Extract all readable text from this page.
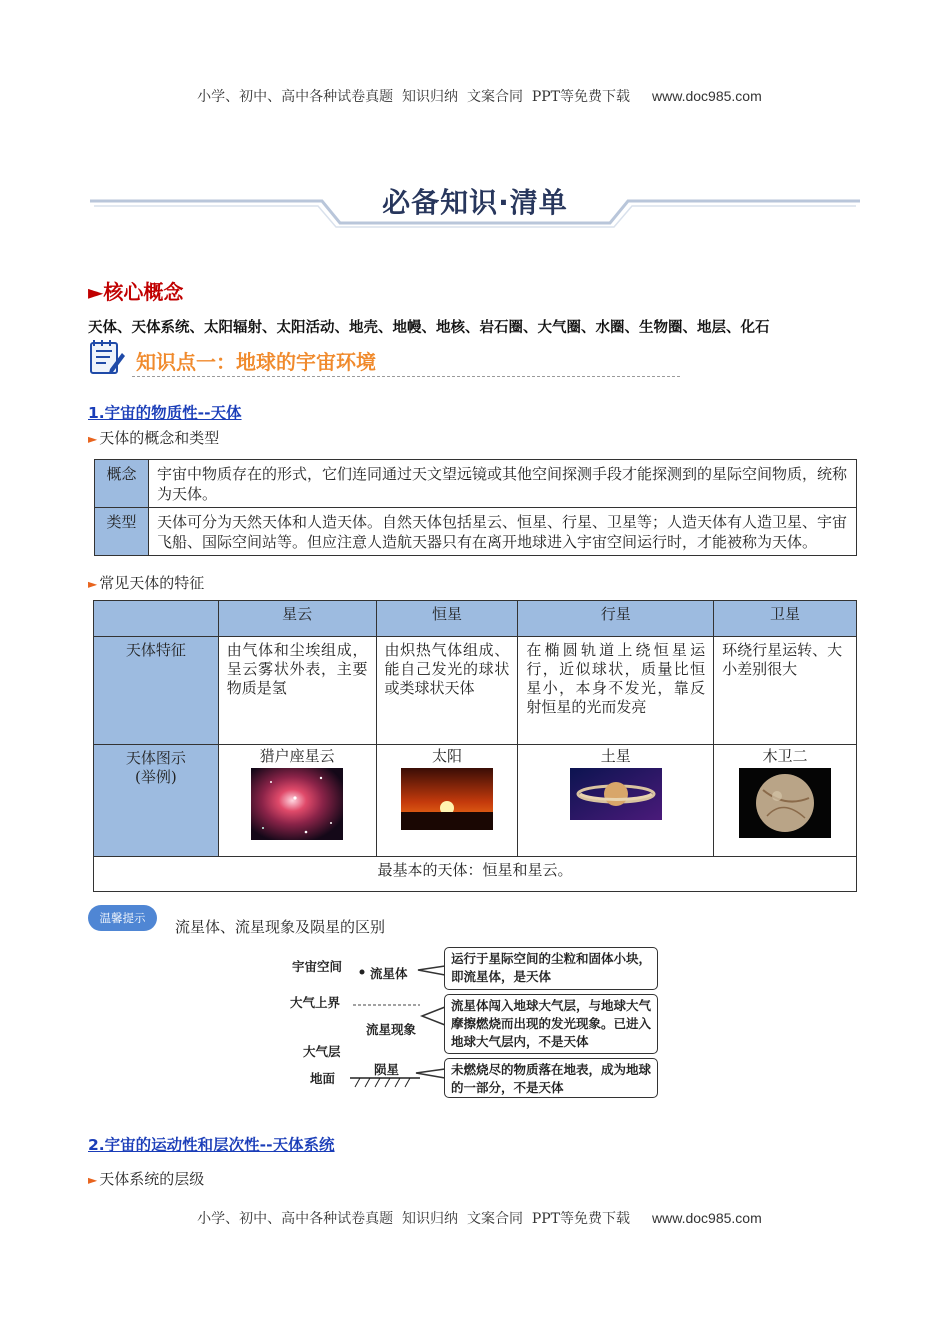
小学、初中、高中各种试卷真题  知识归纳  文案合同  PPT等免费下载 www.doc985.com

必备知识·清单
►核心概念
天体、天体系统、太阳辐射、太阳活动、地壳、地幔、地核、岩石圈、大气圈、水圈、生物圈、地层、化石
知识点一：地球的宇宙环境
1.宇宙的物质性--天体
► 天体的概念和类型
概念	宇宙中物质存在的形式，它们连同通过天文望远镜或其他空间探测手段才能探测到的星际空间物质，统称为天体。
类型	天体可分为天然天体和人造天体。自然天体包括星云、恒星、行星、卫星等；人造天体有人造卫星、宇宙飞船、国际空间站等。但应注意人造航天器只有在离开地球进入宇宙空间运行时，才能被称为天体。
► 常见天体的特征
	星云	恒星	行星	卫星
天体特征	由气体和尘埃组成，呈云雾状外表，主要物质是氢	由炽热气体组成、能自己发光的球状或类球状天体	在椭圆轨道上绕恒星运行，近似球状，质量比恒星小，本身不发光，靠反射恒星的光而发亮	环绕行星运转、大小差别很大

天体图示
(举例)	猎户座星云	太阳	土星	木卫二

最基本的天体：恒星和星云。				
温馨提示	流星体、流星现象及陨星的区别
宇宙空间
大气上界
大气层
地面
流星体
流星现象
陨星
运行于星际空间的尘粒和固体小块，即流星体，是天体
流星体闯入地球大气层，与地球大气摩擦燃烧而出现的发光现象。已进入地球大气层内，不是天体
未燃烧尽的物质落在地表，成为地球的一部分，不是天体
2.宇宙的运动性和层次性--天体系统
► 天体系统的层级

小学、初中、高中各种试卷真题  知识归纳  文案合同  PPT等免费下载 www.doc985.com
